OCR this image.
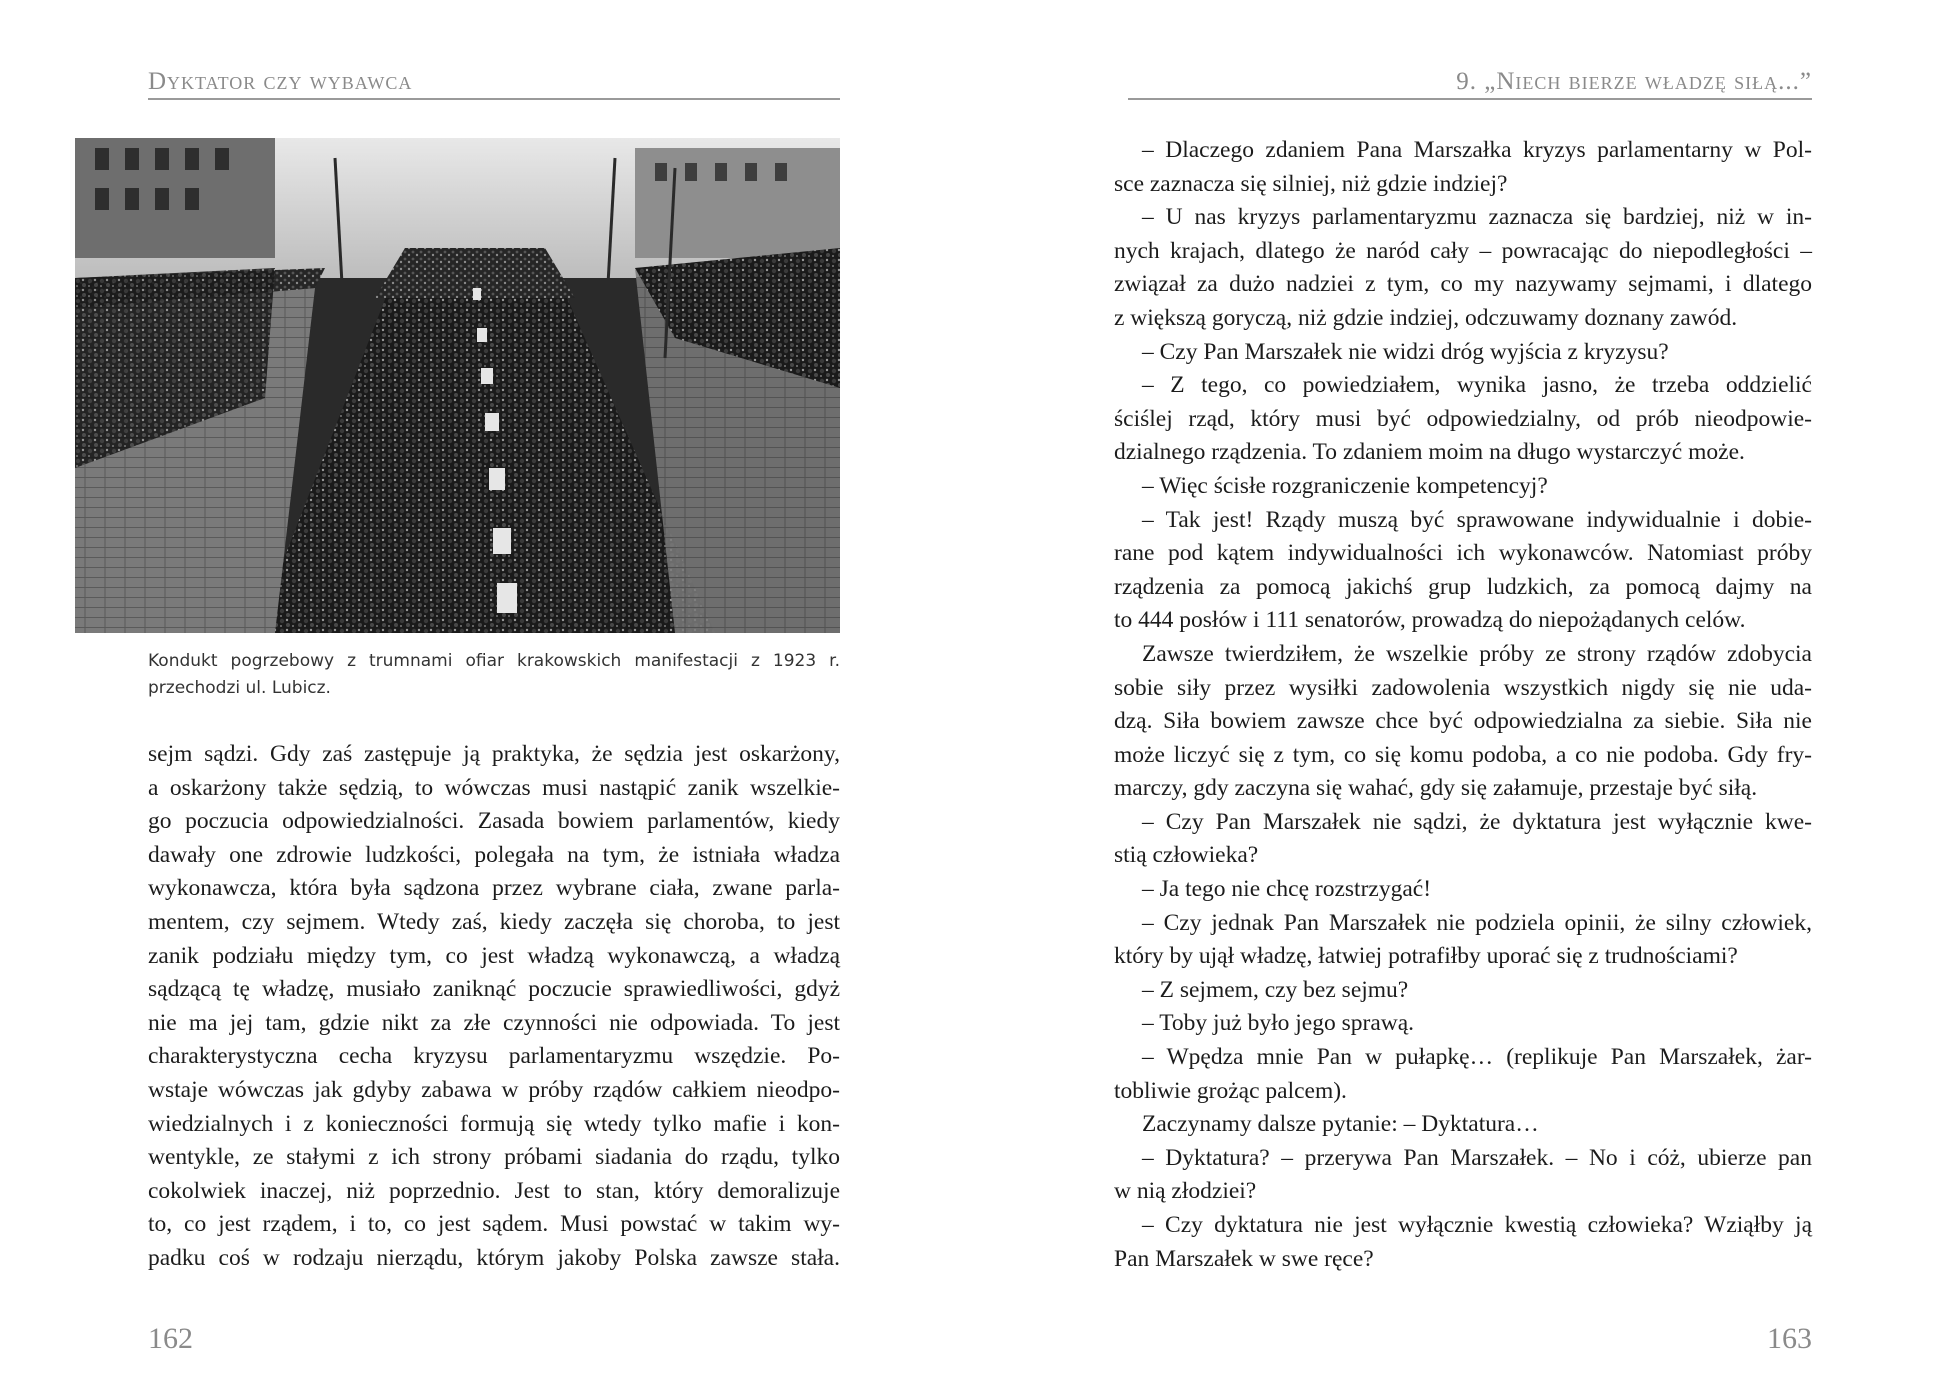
Dyktator czy wybawca
Kondukt pogrzebowy z trumnami ofiar krakowskich manifestacji z 1923 r. przechodzi ul. Lubicz.
sejm sądzi. Gdy zaś zastępuje ją praktyka, że sędzia jest oskarżony,
a oskarżony także sędzią, to wówczas musi nastąpić zanik wszelkie-
go poczucia odpowiedzialności. Zasada bowiem parlamentów, kiedy
dawały one zdrowie ludzkości, polegała na tym, że istniała władza
wykonawcza, która była sądzona przez wybrane ciała, zwane parla-
mentem, czy sejmem. Wtedy zaś, kiedy zaczęła się choroba, to jest
zanik podziału między tym, co jest władzą wykonawczą, a władzą
sądzącą tę władzę, musiało zaniknąć poczucie sprawiedliwości, gdyż
nie ma jej tam, gdzie nikt za złe czynności nie odpowiada. To jest
charakterystyczna cecha kryzysu parlamentaryzmu wszędzie. Po-
wstaje wówczas jak gdyby zabawa w próby rządów całkiem nieodpo-
wiedzialnych i z konieczności formują się wtedy tylko mafie i kon-
wentykle, ze stałymi z ich strony próbami siadania do rządu, tylko
cokolwiek inaczej, niż poprzednio. Jest to stan, który demoralizuje
to, co jest rządem, i to, co jest sądem. Musi powstać w takim wy-
padku coś w rodzaju nierządu, którym jakoby Polska zawsze stała.
162
9. „Niech bierze władzę siłą...”
– Dlaczego zdaniem Pana Marszałka kryzys parlamentarny w Pol-
sce zaznacza się silniej, niż gdzie indziej?
– U nas kryzys parlamentaryzmu zaznacza się bardziej, niż w in-
nych krajach, dlatego że naród cały – powracając do niepodległości –
związał za dużo nadziei z tym, co my nazywamy sejmami, i dlatego
z większą goryczą, niż gdzie indziej, odczuwamy doznany zawód.
– Czy Pan Marszałek nie widzi dróg wyjścia z kryzysu?
– Z tego, co powiedziałem, wynika jasno, że trzeba oddzielić
ściślej rząd, który musi być odpowiedzialny, od prób nieodpowie-
dzialnego rządzenia. To zdaniem moim na długo wystarczyć może.
– Więc ścisłe rozgraniczenie kompetencyj?
– Tak jest! Rządy muszą być sprawowane indywidualnie i dobie-
rane pod kątem indywidualności ich wykonawców. Natomiast próby
rządzenia za pomocą jakichś grup ludzkich, za pomocą dajmy na
to 444 posłów i 111 senatorów, prowadzą do niepożądanych celów.
Zawsze twierdziłem, że wszelkie próby ze strony rządów zdobycia
sobie siły przez wysiłki zadowolenia wszystkich nigdy się nie uda-
dzą. Siła bowiem zawsze chce być odpowiedzialna za siebie. Siła nie
może liczyć się z tym, co się komu podoba, a co nie podoba. Gdy fry-
marczy, gdy zaczyna się wahać, gdy się załamuje, przestaje być siłą.
– Czy Pan Marszałek nie sądzi, że dyktatura jest wyłącznie kwe-
stią człowieka?
– Ja tego nie chcę rozstrzygać!
– Czy jednak Pan Marszałek nie podziela opinii, że silny człowiek,
który by ujął władzę, łatwiej potrafiłby uporać się z trudnościami?
– Z sejmem, czy bez sejmu?
– Toby już było jego sprawą.
– Wpędza mnie Pan w pułapkę… (replikuje Pan Marszałek, żar-
tobliwie grożąc palcem).
Zaczynamy dalsze pytanie: – Dyktatura…
– Dyktatura? – przerywa Pan Marszałek. – No i cóż, ubierze pan
w nią złodziei?
– Czy dyktatura nie jest wyłącznie kwestią człowieka? Wziąłby ją
Pan Marszałek w swe ręce?
163
